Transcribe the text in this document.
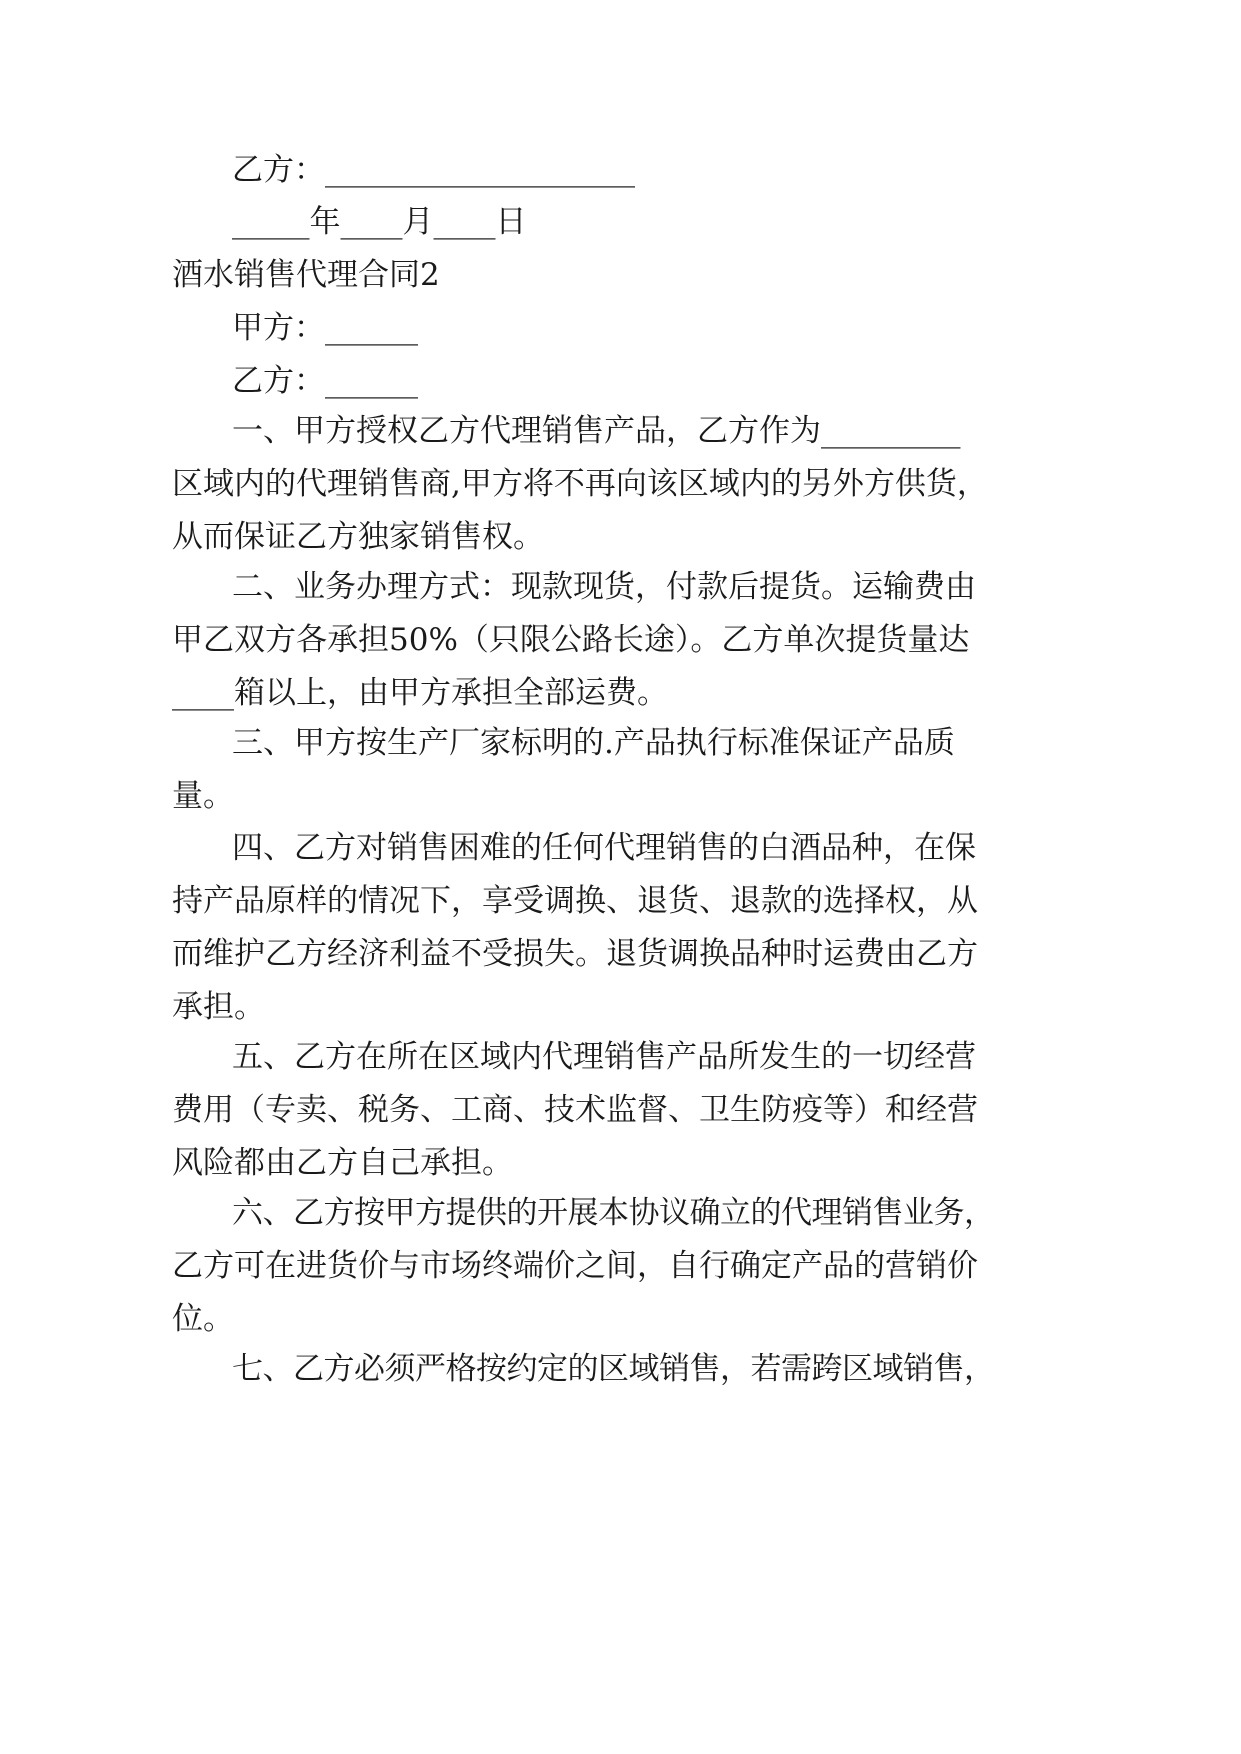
乙方：____________________
_____年____月____日
酒水销售代理合同2
甲方：______
乙方：______
一、甲方授权乙方代理销售产品，乙方作为_________
区域内的代理销售商,甲方将不再向该区域内的另外方供货，
从而保证乙方独家销售权。
二、业务办理方式：现款现货，付款后提货。运输费由
甲乙双方各承担50%（只限公路长途）。乙方单次提货量达
____箱以上，由甲方承担全部运费。
三、甲方按生产厂家标明的.产品执行标准保证产品质
量。
四、乙方对销售困难的任何代理销售的白酒品种，在保
持产品原样的情况下，享受调换、退货、退款的选择权，从
而维护乙方经济利益不受损失。退货调换品种时运费由乙方
承担。
五、乙方在所在区域内代理销售产品所发生的一切经营
费用（专卖、税务、工商、技术监督、卫生防疫等）和经营
风险都由乙方自己承担。
六、乙方按甲方提供的开展本协议确立的代理销售业务，
乙方可在进货价与市场终端价之间，自行确定产品的营销价
位。
七、乙方必须严格按约定的区域销售，若需跨区域销售，
